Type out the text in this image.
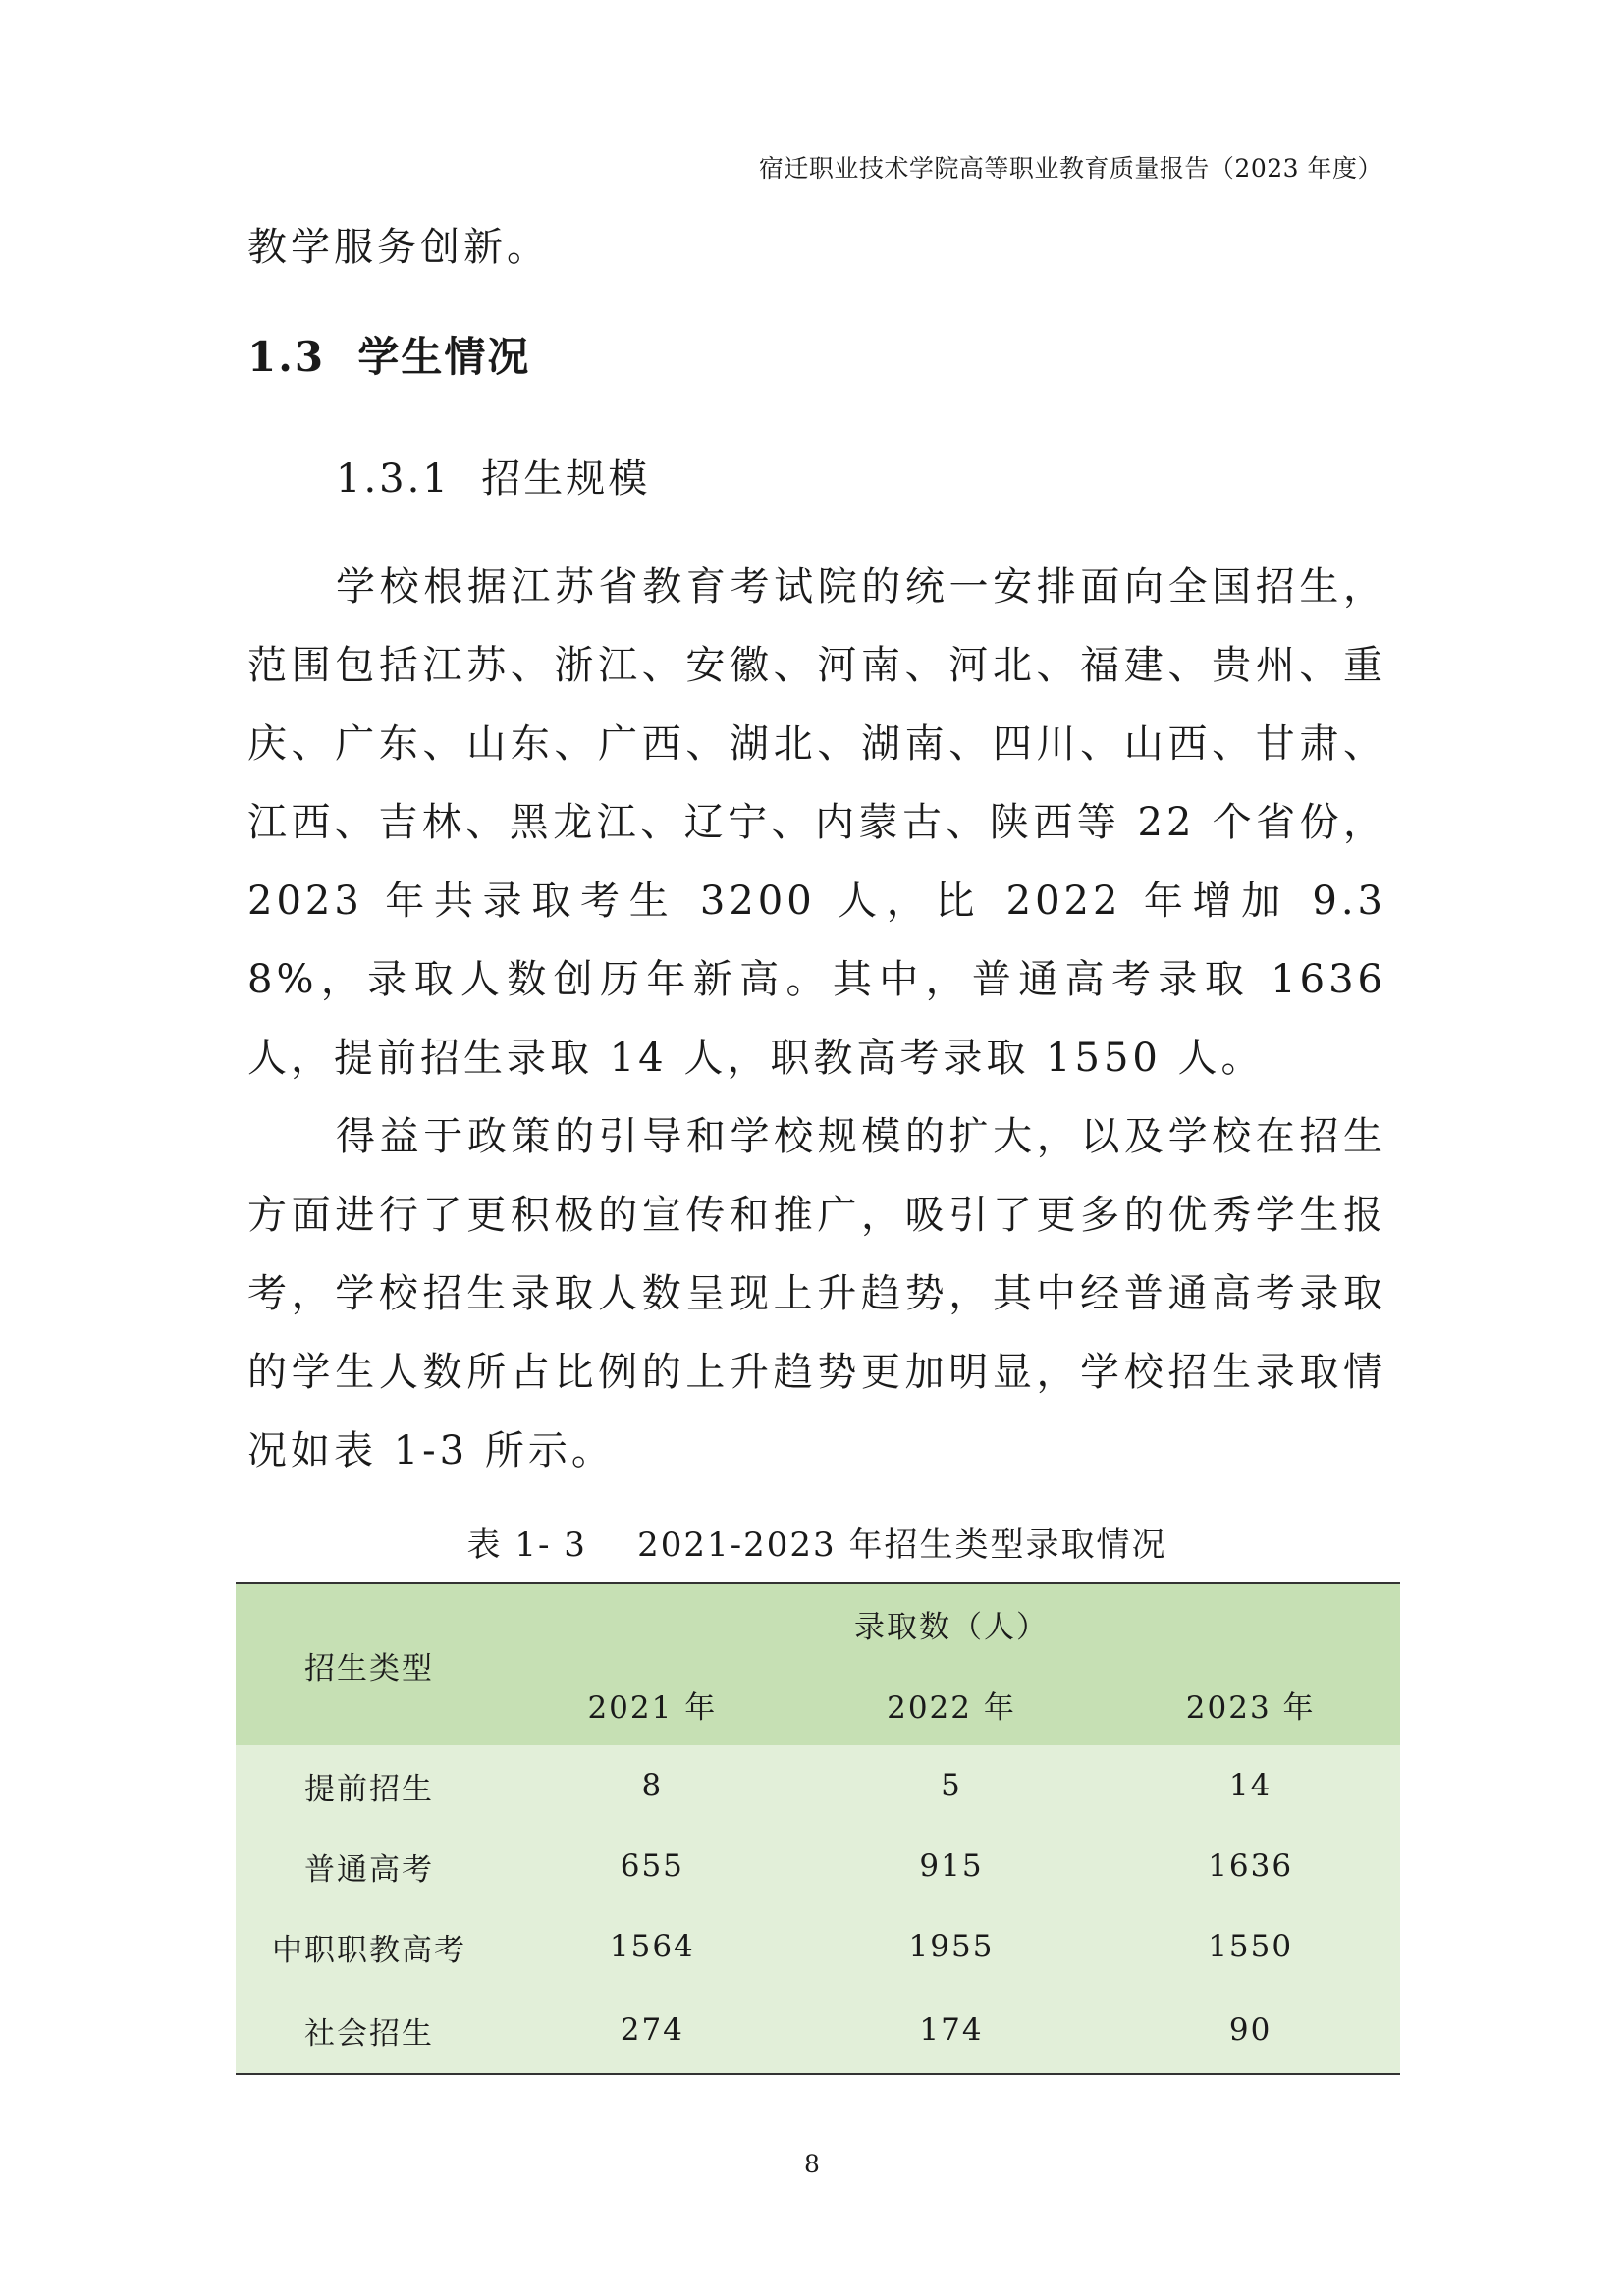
宿迁职业技术学院高等职业教育质量报告（2023 年度）

教学服务创新。

1.3  学生情况
1.3.1  招生规模

学校根据江苏省教育考试院的统一安排面向全国招生，范围包括江苏、浙江、安徽、河南、河北、福建、贵州、重庆、广东、山东、广西、湖北、湖南、四川、山西、甘肃、江西、吉林、黑龙江、辽宁、内蒙古、陕西等 22 个省份，2023 年共录取考生 3200 人，比 2022 年增加 9.38%，录取人数创历年新高。其中，普通高考录取 1636 人，提前招生录取 14 人，职教高考录取 1550 人。

得益于政策的引导和学校规模的扩大，以及学校在招生方面进行了更积极的宣传和推广，吸引了更多的优秀学生报考，学校招生录取人数呈现上升趋势，其中经普通高考录取的学生人数所占比例的上升趋势更加明显，学校招生录取情况如表 1-3 所示。

表 1- 3    2021-2023 年招生类型录取情况
招生类型	录取数（人）		
	2021 年	2022 年	2023 年
提前招生	8	5	14
普通高考	655	915	1636
中职职教高考	1564	1955	1550
社会招生	274	174	90
8
